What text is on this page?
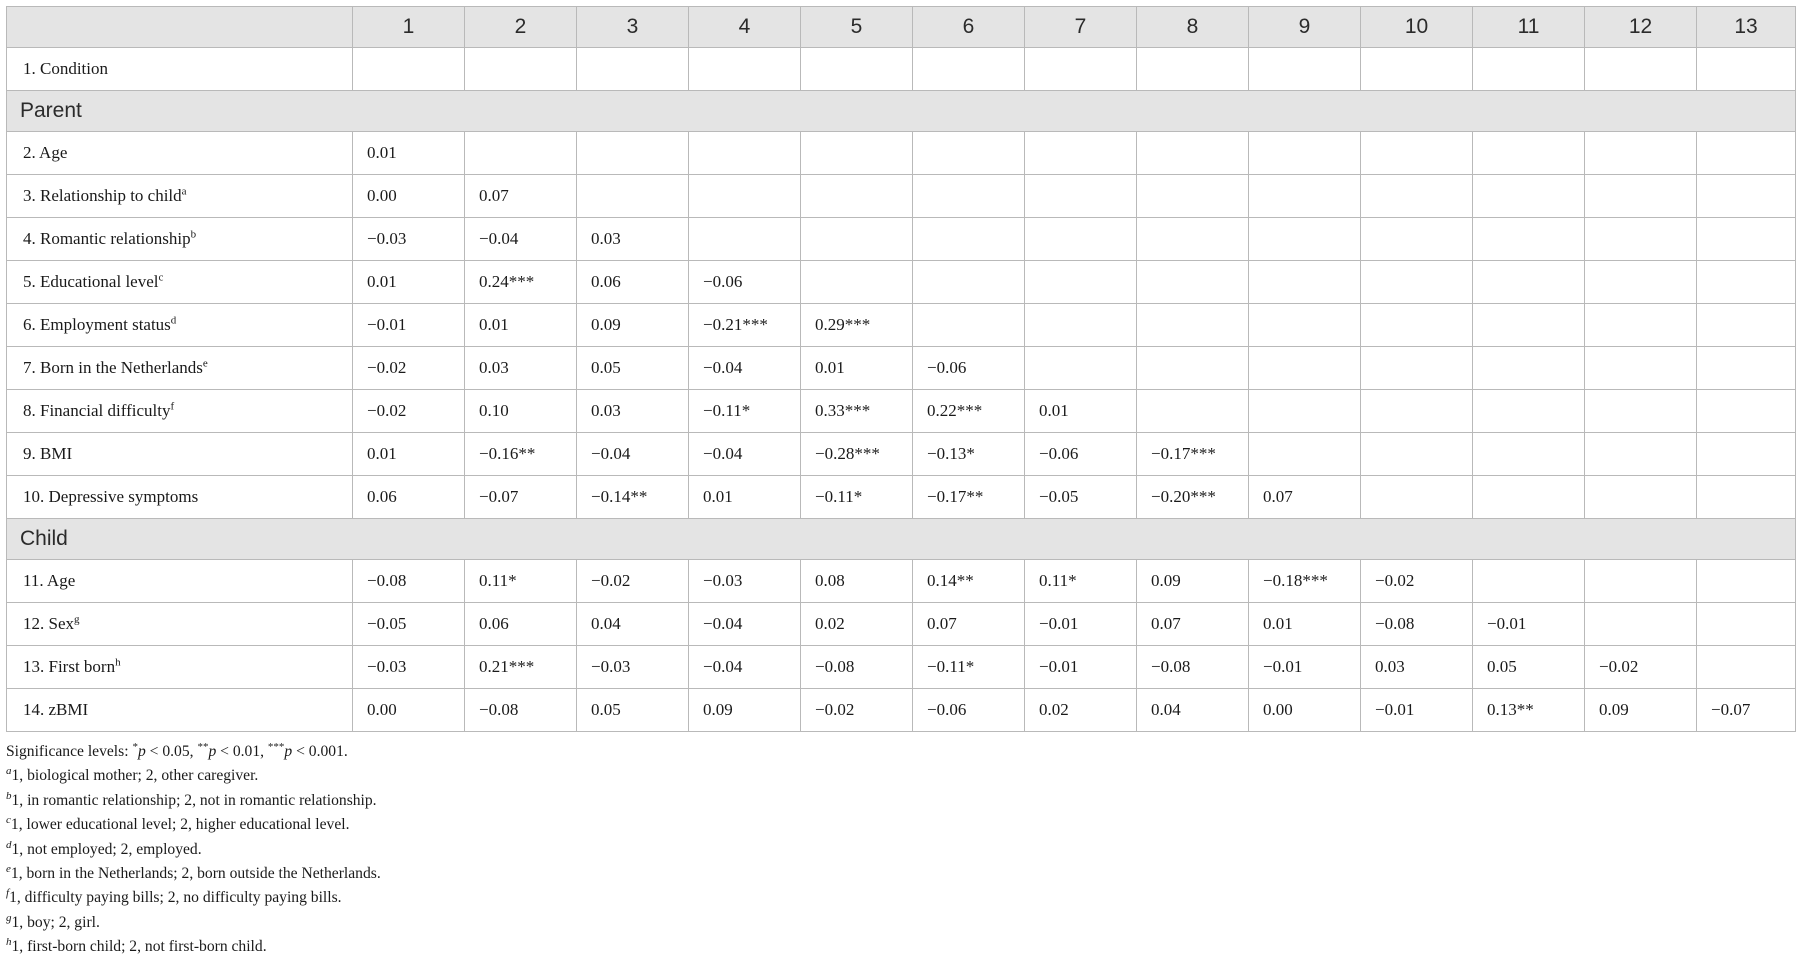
	1	2	3	4	5	6	7	8	9	10	11	12	13
1. Condition													
Parent													
2. Age	0.01												
3. Relationship to child$^a$	0.00	0.07											
4. Romantic relationship$^b$	−0.03	−0.04	0.03										
5. Educational level$^c$	0.01	0.24***	0.06	−0.06									
6. Employment status$^d$	−0.01	0.01	0.09	−0.21***	0.29***								
7. Born in the Netherlands$^e$	−0.02	0.03	0.05	−0.04	0.01	−0.06							
8. Financial difficulty$^f$	−0.02	0.10	0.03	−0.11*	0.33***	0.22***	0.01						
9. BMI	0.01	−0.16**	−0.04	−0.04	−0.28***	−0.13*	−0.06	−0.17***					
10. Depressive symptoms	0.06	−0.07	−0.14**	0.01	−0.11*	−0.17**	−0.05	−0.20***	0.07				
Child													
11. Age	−0.08	0.11*	−0.02	−0.03	0.08	0.14**	0.11*	0.09	−0.18***	−0.02			
12. Sex$^g$	−0.05	0.06	0.04	−0.04	0.02	0.07	−0.01	0.07	0.01	−0.08	−0.01		
13. First born$^h$	−0.03	0.21***	−0.03	−0.04	−0.08	−0.11*	−0.01	−0.08	−0.01	0.03	0.05	−0.02	
14. zBMI	0.00	−0.08	0.05	0.09	−0.02	−0.06	0.02	0.04	0.00	−0.01	0.13**	0.09	−0.07
Significance levels: *p < 0.05, **p < 0.01, ***p < 0.001.
$^a$1, biological mother; 2, other caregiver.
$^b$1, in romantic relationship; 2, not in romantic relationship.
$^c$1, lower educational level; 2, higher educational level.
$^d$1, not employed; 2, employed.
$^e$1, born in the Netherlands; 2, born outside the Netherlands.
$^f$1, difficulty paying bills; 2, no difficulty paying bills.
$^g$1, boy; 2, girl.
$^h$1, first-born child; 2, not first-born child.
